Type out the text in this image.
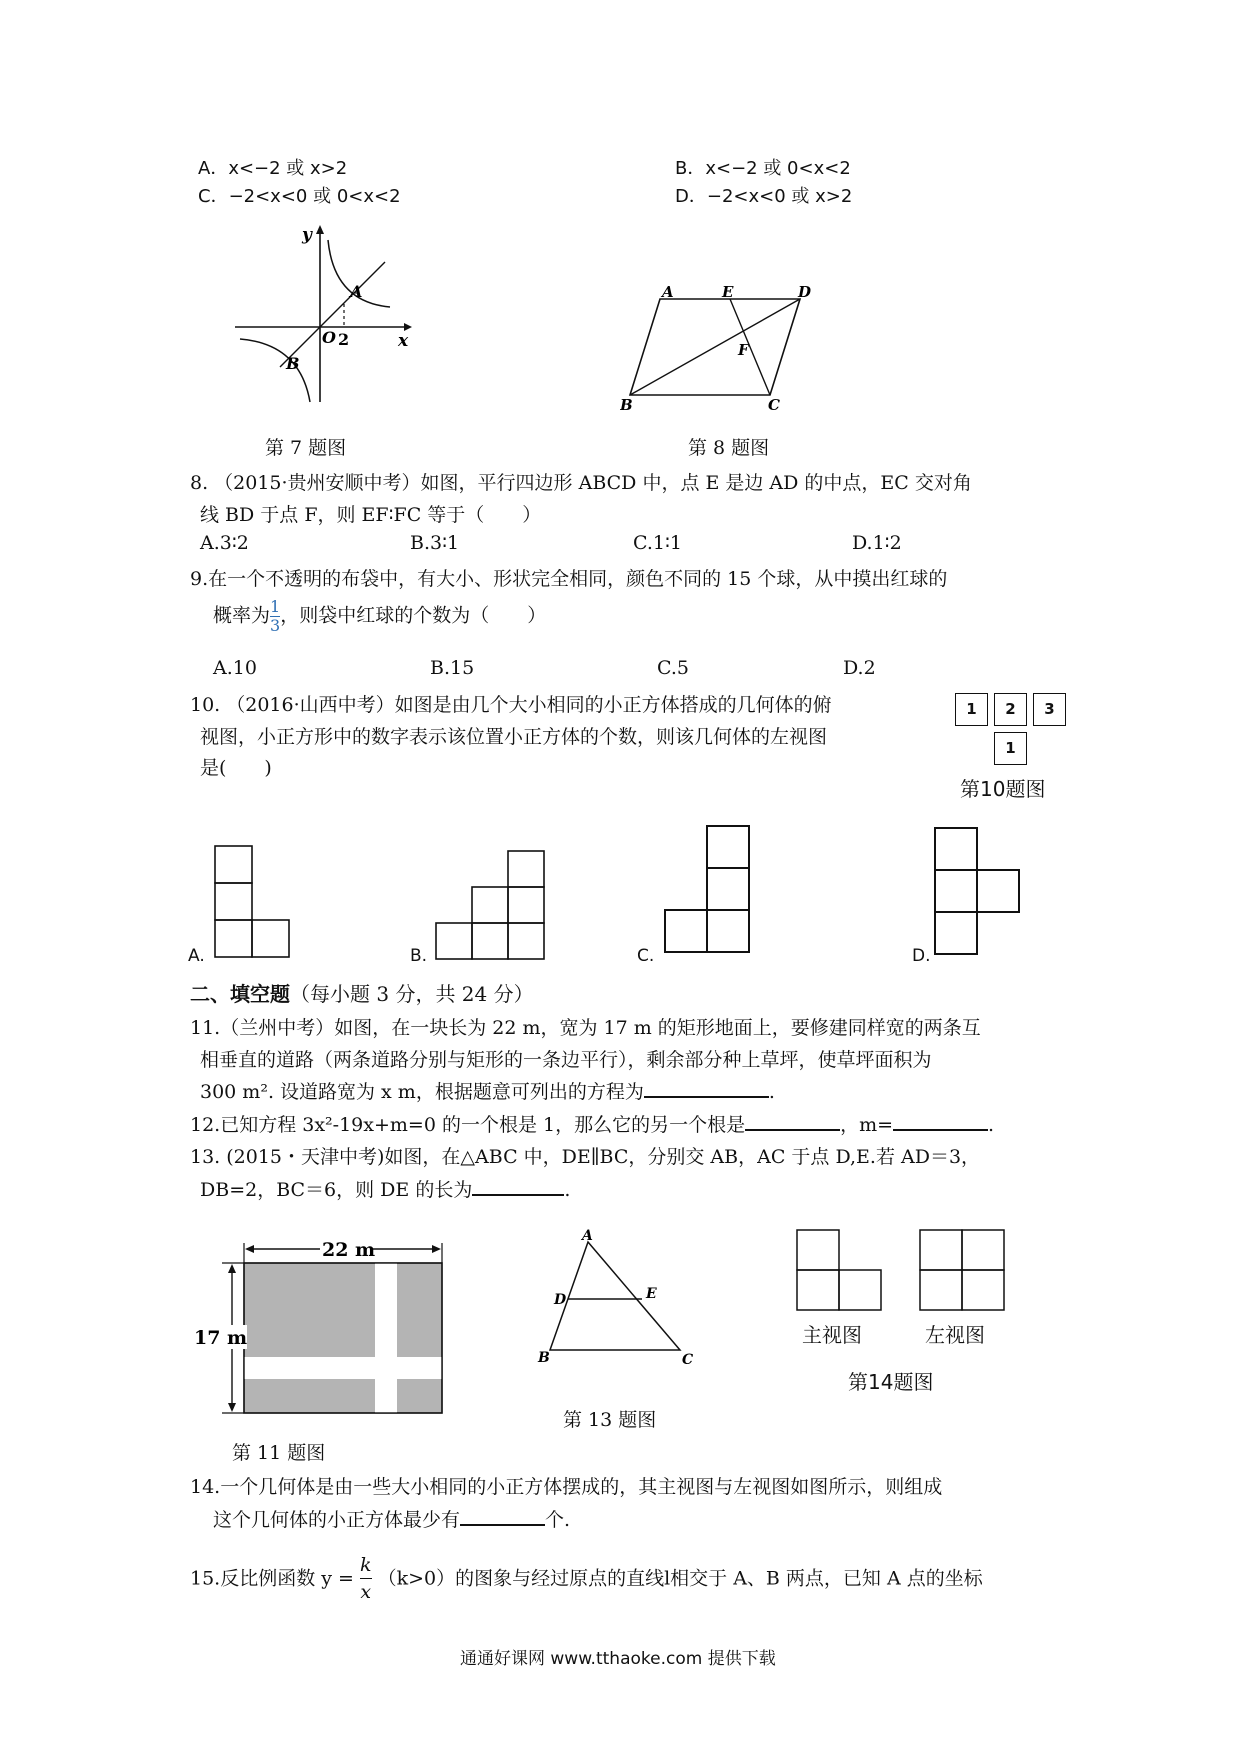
A．x<−2 或 x>2	B．x<−2 或 0<x<2
C．−2<x<0 或 0<x<2	D．−2<x<0 或 x>2
y
x
O 2
A
B
第 7 题图
A	E	D
F
B	C
第 8 题图
8. （2015·贵州安顺中考）如图，平行四边形 ABCD 中，点 E 是边 AD 的中点，EC 交对角
线 BD 于点 F，则 EF∶FC 等于（　　）
A.3∶2	B.3∶1	C.1∶1	D.1∶2
9.在一个不透明的布袋中，有大小、形状完全相同，颜色不同的 15 个球，从中摸出红球的
概率为 $\frac{1}{3}$ ，则袋中红球的个数为（　　）
A.10	B.15	C.5	D.2
10. （2016·山西中考）如图是由几个大小相同的小正方体搭成的几何体的俯
视图，小正方形中的数字表示该位置小正方体的个数，则该几何体的左视图
是(　　)
1	2	3
1
第10题图
A.	B.	C.	D.
二、填空题（每小题 3 分，共 24 分）
11.（兰州中考）如图，在一块长为 22 m，宽为 17 m 的矩形地面上，要修建同样宽的两条互
相垂直的道路（两条道路分别与矩形的一条边平行），剩余部分种上草坪，使草坪面积为
300 m². 设道路宽为 x m，根据题意可列出的方程为	.
12.已知方程 3x²-19x+m=0 的一个根是 1，那么它的另一个根是	，m=	.
13. (2015・天津中考)如图，在△ABC 中，DE∥BC，分别交 AB，AC 于点 D,E.若 AD＝3，
DB=2，BC＝6，则 DE 的长为	.
22 m
17 m
第 11 题图
A
D	E
B	C
第 13 题图
主视图	左视图
第14题图
14.一个几何体是由一些大小相同的小正方体摆成的，其主视图与左视图如图所示，则组成
这个几何体的小正方体最少有	个.
15.反比例函数 $y = \frac{k}{x} (k>0)$的图象与经过原点的直线l相交于 A、B 两点，已知 A 点的坐标
通通好课网 www.tthaoke.com 提供下载
